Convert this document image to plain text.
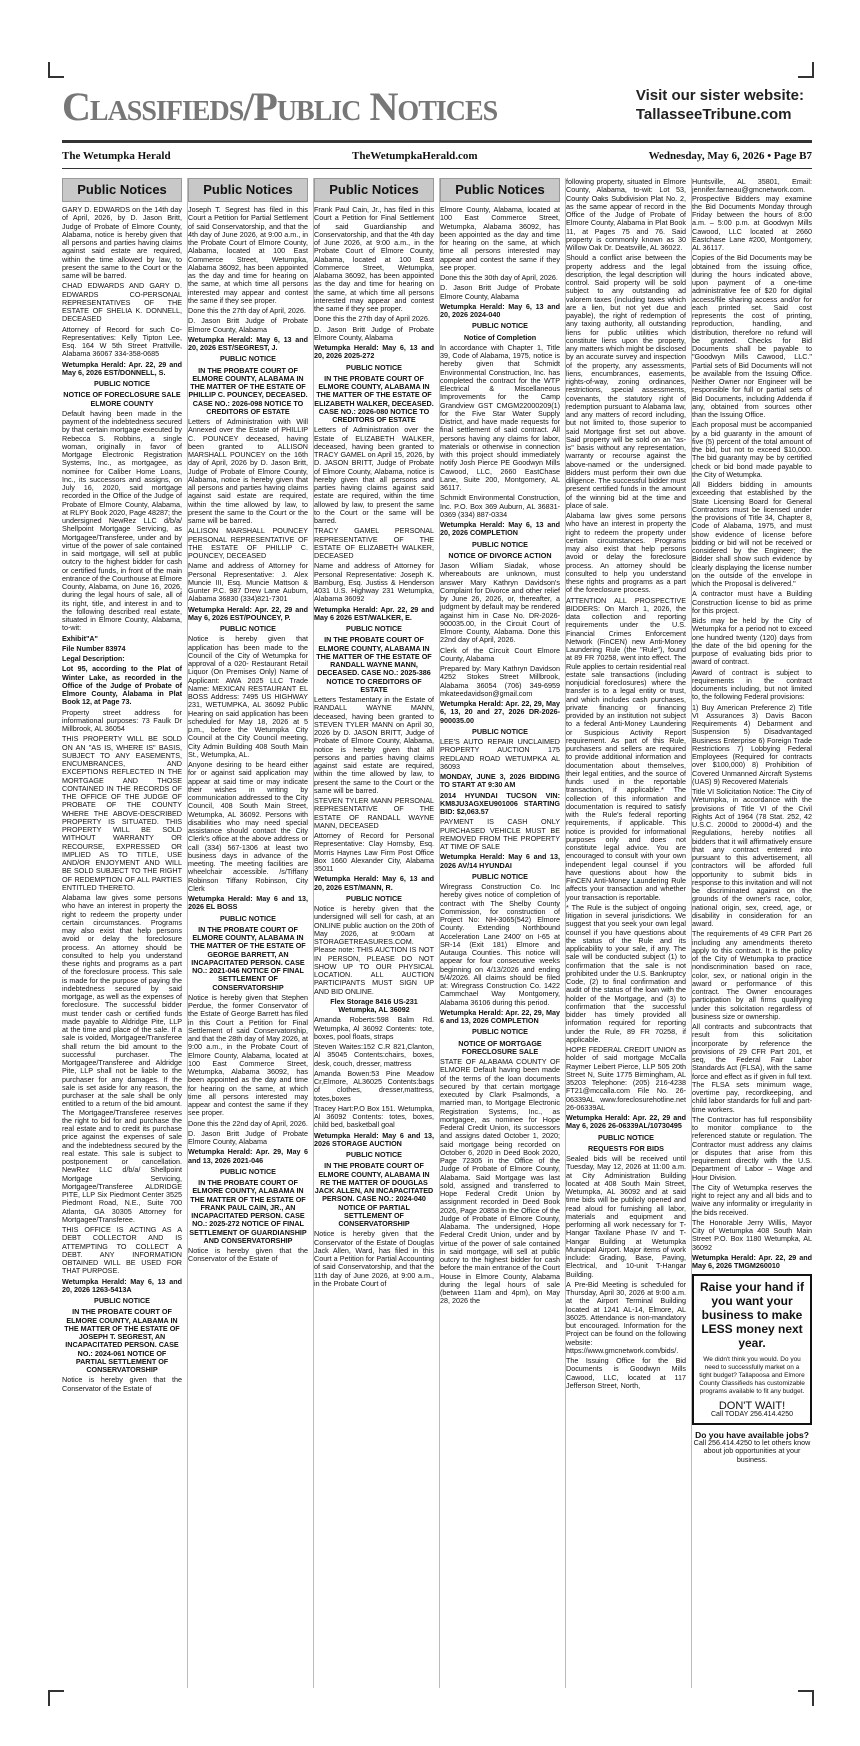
Classifieds/Public Notices	Visit our sister website:
TallasseeTribune.com
The Wetumpka Herald	TheWetumpkaHerald.com	Wednesday, May 6, 2026 • Page B7
Public Notices

GARY D. EDWARDS on the 14th day of April, 2026, by D. Jason Britt, Judge of Probate of Elmore County, Alabama, notice is hereby given that all persons and parties having claims against said estate are required, within the time allowed by law, to present the same to the Court or the same will be barred.

CHAD EDWARDS AND GARY D. EDWARDS CO-PERSONAL REPRESENTATIVES OF THE ESTATE OF SHELIA K. DONNELL, DECEASED

Attorney of Record for such Co- Representatives: Kelly Tipton Lee, Esq. 164 W 5th Street Prattville, Alabama 36067 334-358-0685

Wetumpka Herald: Apr. 22, 29 and May 6, 2026 EST/DONNELL, S.

PUBLIC NOTICE

NOTICE OF FORECLOSURE SALE ELMORE COUNTY

Default having been made in the payment of the indebtedness secured by that certain mortgage executed by Rebecca S. Robbins, a single woman, originally in favor of Mortgage Electronic Registration Systems, Inc., as mortgagee, as nominee for Caliber Home Loans, Inc., its successors and assigns, on July 16, 2020, said mortgage recorded in the Office of the Judge of Probate of Elmore County, Alabama, at RLPY Book 2020, Page 48287; the undersigned NewRez LLC d/b/a/ Shellpoint Mortgage Servicing, as Mortgagee/Transferee, under and by virtue of the power of sale contained in said mortgage, will sell at public outcry to the highest bidder for cash or certified funds, in front of the main entrance of the Courthouse at Elmore County, Alabama, on June 16, 2026, during the legal hours of sale, all of its right, title, and interest in and to the following described real estate, situated in Elmore County, Alabama, to-wit:

Exhibit"A"

File Number 83974

Legal Description:

Lot 95, according to the Plat of Winter Lake, as recorded in the Office of the Judge of Probate of Elmore County, Alabama in Plat Book 12, at Page 73.

Property street address for informational purposes: 73 Faulk Dr Millbrook, AL 36054

THIS PROPERTY WILL BE SOLD ON AN "AS IS, WHERE IS" BASIS, SUBJECT TO ANY EASEMENTS, ENCUMBRANCES, AND EXCEPTIONS REFLECTED IN THE MORTGAGE AND THOSE CONTAINED IN THE RECORDS OF THE OFFICE OF THE JUDGE OF PROBATE OF THE COUNTY WHERE THE ABOVE-DESCRIBED PROPERTY IS SITUATED. THIS PROPERTY WILL BE SOLD WITHOUT WARRANTY OR RECOURSE, EXPRESSED OR IMPLIED AS TO TITLE, USE AND/OR ENJOYMENT AND WILL BE SOLD SUBJECT TO THE RIGHT OF REDEMPTION OF ALL PARTIES ENTITLED THERETO.

Alabama law gives some persons who have an interest in property the right to redeem the property under certain circumstances. Programs may also exist that help persons avoid or delay the foreclosure process. An attorney should be consulted to help you understand these rights and programs as a part of the foreclosure process. This sale is made for the purpose of paying the indebtedness secured by said mortgage, as well as the expenses of foreclosure. The successful bidder must tender cash or certified funds made payable to Aldridge Pite, LLP at the time and place of the sale. If a sale is voided, Mortgagee/Transferee shall return the bid amount to the successful purchaser. The Mortgagee/Transferee and Aldridge Pite, LLP shall not be liable to the purchaser for any damages. If the sale is set aside for any reason, the purchaser at the sale shall be only entitled to a return of the bid amount. The Mortgagee/Transferee reserves the right to bid for and purchase the real estate and to credit its purchase price against the expenses of sale and the indebtedness secured by the real estate. This sale is subject to postponement or cancellation. NewRez LLC d/b/a/ Shellpoint Mortgage Servicing, Mortgagee/Transferee ALDRIDGE PITE, LLP Six Piedmont Center 3525 Piedmont Road, N.E., Suite 700 Atlanta, GA 30305 Attorney for Mortgagee/Transferee.

THIS OFFICE IS ACTING AS A DEBT COLLECTOR AND IS ATTEMPTING TO COLLECT A DEBT. ANY INFORMATION OBTAINED WILL BE USED FOR THAT PURPOSE.

Wetumpka Herald: May 6, 13 and 20, 2026 1263-5413A

PUBLIC NOTICE

IN THE PROBATE COURT OF ELMORE COUNTY, ALABAMA IN THE MATTER OF THE ESTATE OF JOSEPH T. SEGREST, AN INCAPACITATED PERSON. CASE NO.: 2024-061 NOTICE OF PARTIAL SETTLEMENT OF CONSERVATORSHIP

Notice is hereby given that the Conservator of the Estate of

Public Notices

Joseph T. Segrest has filed in this Court a Petition for Partial Settlement of said Conservatorship, and that the 4th day of June 2026, at 9:00 a.m., in the Probate Court of Elmore County, Alabama, located at 100 East Commerce Street, Wetumpka, Alabama 36092, has been appointed as the day and time for hearing on the same, at which time all persons interested may appear and contest the same if they see proper.

Done this the 27th day of April, 2026.

D. Jason Britt Judge of Probate Elmore County, Alabama

Wetumpka Herald: May 6, 13 and 20, 2026 EST/SEGREST, J.

PUBLIC NOTICE

IN THE PROBATE COURT OF ELMORE COUNTY, ALABAMA IN THE MATTER OF THE ESTATE OF PHILLIP C. POUNCEY, DECEASED. CASE NO.: 2026-098 NOTICE TO CREDITORS OF ESTATE

Letters of Administration with Will Annexed over the Estate of PHILLIP C. POUNCEY deceased, having been granted to ALLISON MARSHALL POUNCEY on the 16th day of April, 2026 by D. Jason Britt, Judge of Probate of Elmore County, Alabama, notice is hereby given that all persons and parties having claims against said estate are required, within the time allowed by law, to present the same to the Court or the same will be barred.

ALLISON MARSHALL POUNCEY PERSONAL REPRESENTATIVE OF THE ESTATE OF PHILLIP C. POUNCEY, DECEASED

Name and address of Attorney for Personal Representative: J. Alex Muncie III, Esq. Muncie Mattson & Gunter P.C. 987 Drew Lane Auburn, Alabama 36830 (334)821-7301

Wetumpka Herald: Apr. 22, 29 and May 6, 2026 EST/POUNCEY, P.

PUBLIC NOTICE

Notice is hereby given that application has been made to the Council of the City of Wetumpka for approval of a 020- Restaurant Retail Liquor (On Premises Only) Name of Applicant: AWA 2025 LLC Trade Name: MEXICAN RESTAURANT EL BOSS Address: 7495 US HIGHWAY 231, WETUMPKA, AL 36092 Public Hearing on said application has been scheduled for May 18, 2026 at 5 p.m., before the Wetumpka City Council at the City Council meeting, City Admin Building 408 South Main St., Wetumpka, AL.

Anyone desiring to be heard either for or against said application may appear at said time or may indicate their wishes in writing by communication addressed to the City Council, 408 South Main Street, Wetumpka, AL 36092. Persons with disabilities who may need special assistance should contact the City Clerk's office at the above address or call (334) 567-1306 at least two business days in advance of the meeting. The meeting facilities are wheelchair accessible. /s/Tiffany Robinson Tiffany Robinson, City Clerk

Wetumpka Herald: May 6 and 13, 2026 EL BOSS

PUBLIC NOTICE

IN THE PROBATE COURT OF ELMORE COUNTY, ALABAMA IN THE MATTER OF THE ESTATE OF GEORGE BARRETT, AN INCAPACITATED PERSON. CASE NO.: 2021-046 NOTICE OF FINAL SETTLEMENT OF CONSERVATORSHIP

Notice is hereby given that Stephen Perdue, the former Conservator of the Estate of George Barrett has filed in this Court a Petition for Final Settlement of said Conservatorship, and that the 28th day of May 2026, at 9:00 a.m., in the Probate Court of Elmore County, Alabama, located at 100 East Commerce Street, Wetumpka, Alabama 36092, has been appointed as the day and time for hearing on the same, at which time all persons interested may appear and contest the same if they see proper.

Done this the 22nd day of April, 2026.

D. Jason Britt Judge of Probate Elmore County, Alabama

Wetumpka Herald: Apr. 29, May 6 and 13, 2026 2021-046

PUBLIC NOTICE

IN THE PROBATE COURT OF ELMORE COUNTY, ALABAMA IN THE MATTER OF THE ESTATE OF FRANK PAUL CAIN, JR., AN INCAPACITATED PERSON. CASE NO.: 2025-272 NOTICE OF FINAL SETTLEMENT OF GUARDIANSHIP AND CONSERVATORSHIP

Notice is hereby given that the Conservator of the Estate of

Public Notices

Frank Paul Cain, Jr., has filed in this Court a Petition for Final Settlement of said Guardianship and Conservatorship, and that the 4th day of June 2026, at 9:00 a.m., in the Probate Court of Elmore County, Alabama, located at 100 East Commerce Street, Wetumpka, Alabama 36092, has been appointed as the day and time for hearing on the same, at which time all persons interested may appear and contest the same if they see proper.

Done this the 27th day of April 2026.

D. Jason Britt Judge of Probate Elmore County, Alabama

Wetumpka Herald: May 6, 13 and 20, 2026 2025-272

PUBLIC NOTICE

IN THE PROBATE COURT OF ELMORE COUNTY, ALABAMA IN THE MATTER OF THE ESTATE OF ELIZABETH WALKER, DECEASED. CASE NO.: 2026-080 NOTICE TO CREDITORS OF ESTATE

Letters of Administration over the Estate of ELIZABETH WALKER, deceased, having been granted to TRACY GAMEL on April 15, 2026, by D. JASON BRITT, Judge of Probate of Elmore County, Alabama, notice is hereby given that all persons and parties having claims against said estate are required, within the time allowed by law, to present the same to the Court or the same will be barred.

TRACY GAMEL PERSONAL REPRESENTATIVE OF THE ESTATE OF ELIZABETH WALKER, DECEASED

Name and address of Attorney for Personal Representative: Joseph K. Bamburg, Esq. Justiss & Henderson 4031 U.S. Highway 231 Wetumpka, Alabama 36092

Wetumpka Herald: Apr. 22, 29 and May 6 2026 EST/WALKER, E.

PUBLIC NOTICE

IN THE PROBATE COURT OF ELMORE COUNTY, ALABAMA IN THE MATTER OF THE ESTATE OF RANDALL WAYNE MANN, DECEASED. CASE NO.: 2025-386 NOTICE TO CREDITORS OF ESTATE

Letters Testamentary in the Estate of RANDALL WAYNE MANN, deceased, having been granted to STEVEN TYLER MANN on April 30, 2026 by D. JASON BRITT, Judge of Probate of Elmore County, Alabama, notice is hereby given that all persons and parties having claims against said estate are required, within the time allowed by law, to present the same to the Court or the same will be barred.

STEVEN TYLER MANN PERSONAL REPRESENTATIVE OF THE ESTATE OF RANDALL WAYNE MANN, DECEASED

Attorney of Record for Personal Representative: Clay Hornsby, Esq. Morris Haynes Law Firm Post Office Box 1660 Alexander City, Alabama 35011

Wetumpka Herald: May 6, 13 and 20, 2026 EST/MANN, R.

PUBLIC NOTICE

Notice is hereby given that the undersigned will sell for cash, at an ONLINE public auction on the 20th of May 2026, at 9:00am at STORAGETREASURES.COM. Please note: THIS AUCTION IS NOT IN PERSON, PLEASE DO NOT SHOW UP TO OUR PHYSICAL LOCATION. ALL AUCTION PARTICIPANTS MUST SIGN UP AND BID ONLINE.

Flex Storage 8416 US-231 Wetumpka, AL 36092

Amanda Roberts:598 Balm Rd. Wetumpka, Al 36092 Contents: tote, boxes, pool floats, straps

Steven Waites:152 C.R 821,Clanton, Al 35045 Contents:chairs, boxes, desk, couch, dresser, mattress

Amanda Bowen:53 Pine Meadow Cr,Elmore, AL36025 Contents:bags of clothes, dresser,mattress, totes,boxes

Tracey Hart:P.O Box 151. Wetumpka, Al 36092 Contents: totes, boxes, child bed, basketball goal

Wetumpka Herald: May 6 and 13, 2026 STORAGE AUCTION

PUBLIC NOTICE

IN THE PROBATE COURT OF ELMORE COUNTY, ALABAMA IN RE THE MATTER OF DOUGLAS JACK ALLEN, AN INCAPACITATED PERSON. CASE NO.: 2024-040 NOTICE OF PARTIAL SETTLEMENT OF CONSERVATORSHIP

Notice is hereby given that the Conservator of the Estate of Douglas Jack Allen, Ward, has filed in this Court a Petition for Partial Accounting of said Conservatorship, and that the 11th day of June 2026, at 9:00 a.m., in the Probate Court of

Public Notices

Elmore County, Alabama, located at 100 East Commerce Street, Wetumpka, Alabama 36092, has been appointed as the day and time for hearing on the same, at which time all persons interested may appear and contest the same if they see proper.

Done this the 30th day of April, 2026.

D. Jason Britt Judge of Probate Elmore County, Alabama

Wetumpka Herald: May 6, 13 and 20, 2026 2024-040

PUBLIC NOTICE

Notice of Completion

In accordance with Chapter 1, Title 39, Code of Alabama, 1975, notice is hereby given that Schmidt Environmental Construction, Inc. has completed the contract for the WTP Electrical & Miscellaneous Improvements for the Camp Grandview GST CMGM22000209(1) for the Five Star Water Supply District, and have made requests for final settlement of said contract. All persons having any claims for labor, materials or otherwise in connection with this project should immediately notify Josh Pierce PE Goodwyn Mills Cawood, LLC, 2660 EastChase Lane, Suite 200, Montgomery, AL 36117.

Schmidt Environmental Construction, Inc. P.O. Box 369 Auburn, AL 36831-0369 (334) 887-0334

Wetumpka Herald: May 6, 13 and 20, 2026 COMPLETION

PUBLIC NOTICE

NOTICE OF DIVORCE ACTION

Jason William Siadak, whose whereabouts are unknown, must answer Mary Kathryn Davidson's Complaint for Divorce and other relief by June 26, 2026, or, thereafter, a judgment by default may be rendered against him in Case No. DR-2026-900035.00, in the Circuit Court of Elmore County, Alabama. Done this 22nd day of April, 2026.

Clerk of the Circuit Court Elmore County, Alabama

Prepared by: Mary Kathryn Davidson 4252 Stokes Street Millbrook, Alabama 36054 (706) 349-6959 mkateedavidson@gmail.com

Wetumpka Herald: Apr. 22, 29, May 6, 13, 20 and 27, 2026 DR-2026-900035.00

PUBLIC NOTICE

LEE'S AUTO REPAIR UNCLAIMED PROPERTY AUCTION 175 REDLAND ROAD WETUMPKA AL 36093

MONDAY, JUNE 3, 2026 BIDDING TO START AT 9:30 AM

2014 HYUNDAI TUCSON VIN: KM8JU3AGXEU901006 STARTING BID: $2,063.57

PAYMENT IS CASH ONLY PURCHASED VEHICLE MUST BE REMOVED FROM THE PROPERTY AT TIME OF SALE

Wetumpka Herald: May 6 and 13, 2026 AV/14 HYUNDAI

PUBLIC NOTICE

Wiregrass Construction Co. Inc hereby gives notice of completion of contract with The Shelby County Commission, for construction of Project No: NH-3065(542) Elmore County. Extending Northbound Acceleration Lane 2400' on I-65 at SR-14 (Exit 181) Elmore and Autauga Counties. This notice will appear for four consecutive weeks beginning on 4/13/2026 and ending 5/4/2026. All claims should be filed at: Wiregrass Construction Co. 1422 Cammchael Way Montgomery, Alabama 36106 during this period.

Wetumpka Herald: Apr. 22, 29, May 6 and 13, 2026 COMPLETION

PUBLIC NOTICE

NOTICE OF MORTGAGE FORECLOSURE SALE

STATE OF ALABAMA COUNTY OF ELMORE Default having been made of the terms of the loan documents secured by that certain mortgage executed by Clark Psalmonds, a married man, to Mortgage Electronic Registration Systems, Inc., as mortgagee, as nominee for Hope Federal Credit Union, its successors and assigns dated October 1, 2020; said mortgage being recorded on October 6, 2020 in Deed Book 2020, Page 72305 in the Office of the Judge of Probate of Elmore County, Alabama. Said Mortgage was last sold, assigned and transferred to Hope Federal Credit Union by assignment recorded in Deed Book 2026, Page 20858 in the Office of the Judge of Probate of Elmore County, Alabama. The undersigned, Hope Federal Credit Union, under and by virtue of the power of sale contained in said mortgage, will sell at public outcry to the highest bidder for cash before the main entrance of the Court House in Elmore County, Alabama during the legal hours of sale (between 11am and 4pm), on May 28, 2026 the

following property, situated in Elmore County, Alabama, to-wit: Lot 53, County Oaks Subdivision Plat No. 2, as the same appear of record in the Office of the Judge of Probate of Elmore County, Alabama in Plat Book 11, at Pages 75 and 76. Said property is commonly known as 30 Willow Oak Dr. Deatsville, AL 36022.

Should a conflict arise between the property address and the legal description, the legal description will control. Said property will be sold subject to any outstanding ad valorem taxes (including taxes which are a lien, but not yet due and payable), the right of redemption of any taxing authority, all outstanding liens for public utilities which constitute liens upon the property, any matters which might be disclosed by an accurate survey and inspection of the property, any assessments, liens, encumbrances, easements, rights-of-way, zoning ordinances, restrictions, special assessments, covenants, the statutory right of redemption pursuant to Alabama law, and any matters of record including, but not limited to, those superior to said Mortgage first set out above. Said property will be sold on an "as-is" basis without any representation, warranty or recourse against the above-named or the undersigned. Bidders must perform their own due diligence. The successful bidder must present certified funds in the amount of the winning bid at the time and place of sale.

Alabama law gives some persons who have an interest in property the right to redeem the property under certain circumstances. Programs may also exist that help persons avoid or delay the foreclosure process. An attorney should be consulted to help you understand these rights and programs as a part of the foreclosure process.

ATTENTION ALL PROSPECTIVE BIDDERS: On March 1, 2026, the data collection and reporting requirements under the U.S. Financial Crimes Enforcement Network (FinCEN) new Anti-Money Laundering Rule (the "Rule"), found at 89 FR 70258, went into effect. The Rule applies to certain residential real estate sale transactions (including nonjudicial foreclosures) where the transfer is to a legal entity or trust, and which includes cash purchases, private financing or financing provided by an institution not subject to a federal Anti-Money Laundering or Suspicious Activity Report requirement. As part of this Rule, purchasers and sellers are required to provide additional information and documentation about themselves, their legal entities, and the source of funds used in the reportable transaction, if applicable.* The collection of this information and documentation is required to satisfy with the Rule's federal reporting requirements, if applicable. This notice is provided for informational purposes only and does not constitute legal advice. You are encouraged to consult with your own independent legal counsel if you have questions about how the FinCEN Anti-Money Laundering Rule affects your transaction and whether your transaction is reportable.

* The Rule is the subject of ongoing litigation in several jurisdictions. We suggest that you seek your own legal counsel if you have questions about the status of the Rule and its applicability to your sale, if any. The sale will be conducted subject (1) to confirmation that the sale is not prohibited under the U.S. Bankruptcy Code, (2) to final confirmation and audit of the status of the loan with the holder of the Mortgage, and (3) to confirmation that the successful bidder has timely provided all information required for reporting under the Rule, 89 FR 70258, if applicable.

HOPE FEDERAL CREDIT UNION as holder of said mortgage McCalla Raymer Leibert Pierce, LLP 505 20th Street N, Suite 1775 Birmingham, AL 35203 Telephone: (205) 216-4238 FT21@mccalla.com File No. 26-06339AL www.foreclosurehotline.net 26-06339AL

Wetumpka Herald: Apr. 22, 29 and May 6, 2026 26-06339AL/10730495

PUBLIC NOTICE

REQUESTS FOR BIDS

Sealed bids will be received until Tuesday, May 12, 2026 at 11:00 a.m. at City Administration Building located at 408 South Main Street, Wetumpka, AL 36092 and at said time bids will be publicly opened and read aloud for furnishing all labor, materials and equipment and performing all work necessary for T-Hangar Taxilane Phase IV and T-Hangar Building at Wetumpka Municipal Airport. Major items of work include: Grading, Base, Paving, Electrical, and 10-unit T-Hangar Building.

A Pre-Bid Meeting is scheduled for Thursday, April 30, 2026 at 9:00 a.m. at the Airport Terminal Building located at 1241 AL-14, Elmore, AL 36025. Attendance is non-mandatory but encouraged. Information for the Project can be found on the following website: https://www.gmcnetwork.com/bids/.

The Issuing Office for the Bid Documents is Goodwyn Mills Cawood, LLC, located at 117 Jefferson Street, North,

Huntsville, AL 35801, Email: jennifer.farneau@gmcnetwork.com. Prospective Bidders may examine the Bid Documents Monday through Friday between the hours of 8:00 a.m. – 5:00 p.m. at Goodwyn Mills Cawood, LLC located at 2660 Eastchase Lane #200, Montgomery, AL 36117.

Copies of the Bid Documents may be obtained from the issuing office, during the hours indicated above, upon payment of a one-time administrative fee of $20 for digital access/file sharing access and/or for each printed set. Said cost represents the cost of printing, reproduction, handling, and distribution, therefore no refund will be granted. Checks for Bid Documents shall be payable to "Goodwyn Mills Cawood, LLC." Partial sets of Bid Documents will not be available from the Issuing Office. Neither Owner nor Engineer will be responsible for full or partial sets of Bid Documents, including Addenda if any, obtained from sources other than the Issuing Office.

Each proposal must be accompanied by a bid guaranty in the amount of five (5) percent of the total amount of the bid, but not to exceed $10,000. The bid guaranty may be by certified check or bid bond made payable to the City of Wetumpka.

All Bidders bidding in amounts exceeding that established by the State Licensing Board for General Contractors must be licensed under the provisions of Title 34, Chapter 8, Code of Alabama, 1975, and must show evidence of license before bidding or bid will not be received or considered by the Engineer; the Bidder shall show such evidence by clearly displaying the license number on the outside of the envelope in which the Proposal is delivered."

A contractor must have a Building Construction license to bid as prime for this project.

Bids may be held by the City of Wetumpka for a period not to exceed one hundred twenty (120) days from the date of the bid opening for the purpose of evaluating bids prior to award of contract.

Award of contract is subject to requirements in the contract documents including, but not limited to, the following Federal provisions:

1) Buy American Preference 2) Title VI Assurances 3) Davis Bacon Requirements 4) Debarment and Suspension 5) Disadvantaged Business Enterprise 6) Foreign Trade Restrictions 7) Lobbying Federal Employees (Required for contracts over $100,000) 8) Prohibition of Covered Unmanned Aircraft Systems (UAS) 9) Recovered Materials

Title VI Solicitation Notice: The City of Wetumpka, in accordance with the provisions of Title VI of the Civil Rights Act of 1964 (78 Stat. 252, 42 U.S.C. 2000d to 2000d-4) and the Regulations, hereby notifies all bidders that it will affirmatively ensure that any contract entered into pursuant to this advertisement, all contractors will be afforded full opportunity to submit bids in response to this invitation and will not be discriminated against on the grounds of the owner's race, color, national origin, sex, creed, age, or disability in consideration for an award.

The requirements of 49 CFR Part 26 including any amendments thereto apply to this contract. It is the policy of the City of Wetumpka to practice nondiscrimination based on race, color, sex, or national origin in the award or performance of this contract. The Owner encourages participation by all firms qualifying under this solicitation regardless of business size or ownership.

All contracts and subcontracts that result from this solicitation incorporate by reference the provisions of 29 CFR Part 201, et seq, the Federal Fair Labor Standards Act (FLSA), with the same force and effect as if given in full text. The FLSA sets minimum wage, overtime pay, recordkeeping, and child labor standards for full and part-time workers.

The Contractor has full responsibility to monitor compliance to the referenced statute or regulation. The Contractor must address any claims or disputes that arise from this requirement directly with the U.S. Department of Labor – Wage and Hour Division.

The City of Wetumpka reserves the right to reject any and all bids and to waive any informality or irregularity in the bids received.

The Honorable Jerry Willis, Mayor City of Wetumpka 408 South Main Street P.O. Box 1180 Wetumpka, AL 36092

Wetumpka Herald: Apr. 22, 29 and May 6, 2026 TMGM260010

Raise your hand if you want your business to make LESS money next year.
We didn't think you would. Do you need to successfully market on a tight budget? Tallapoosa and Elmore County Classifieds has customizable programs available to fit any budget.
DON'T WAIT!
Call TODAY 256.414.4250
Do you have available jobs?
Call 256.414.4250 to let others know about job opportunities at your business.
